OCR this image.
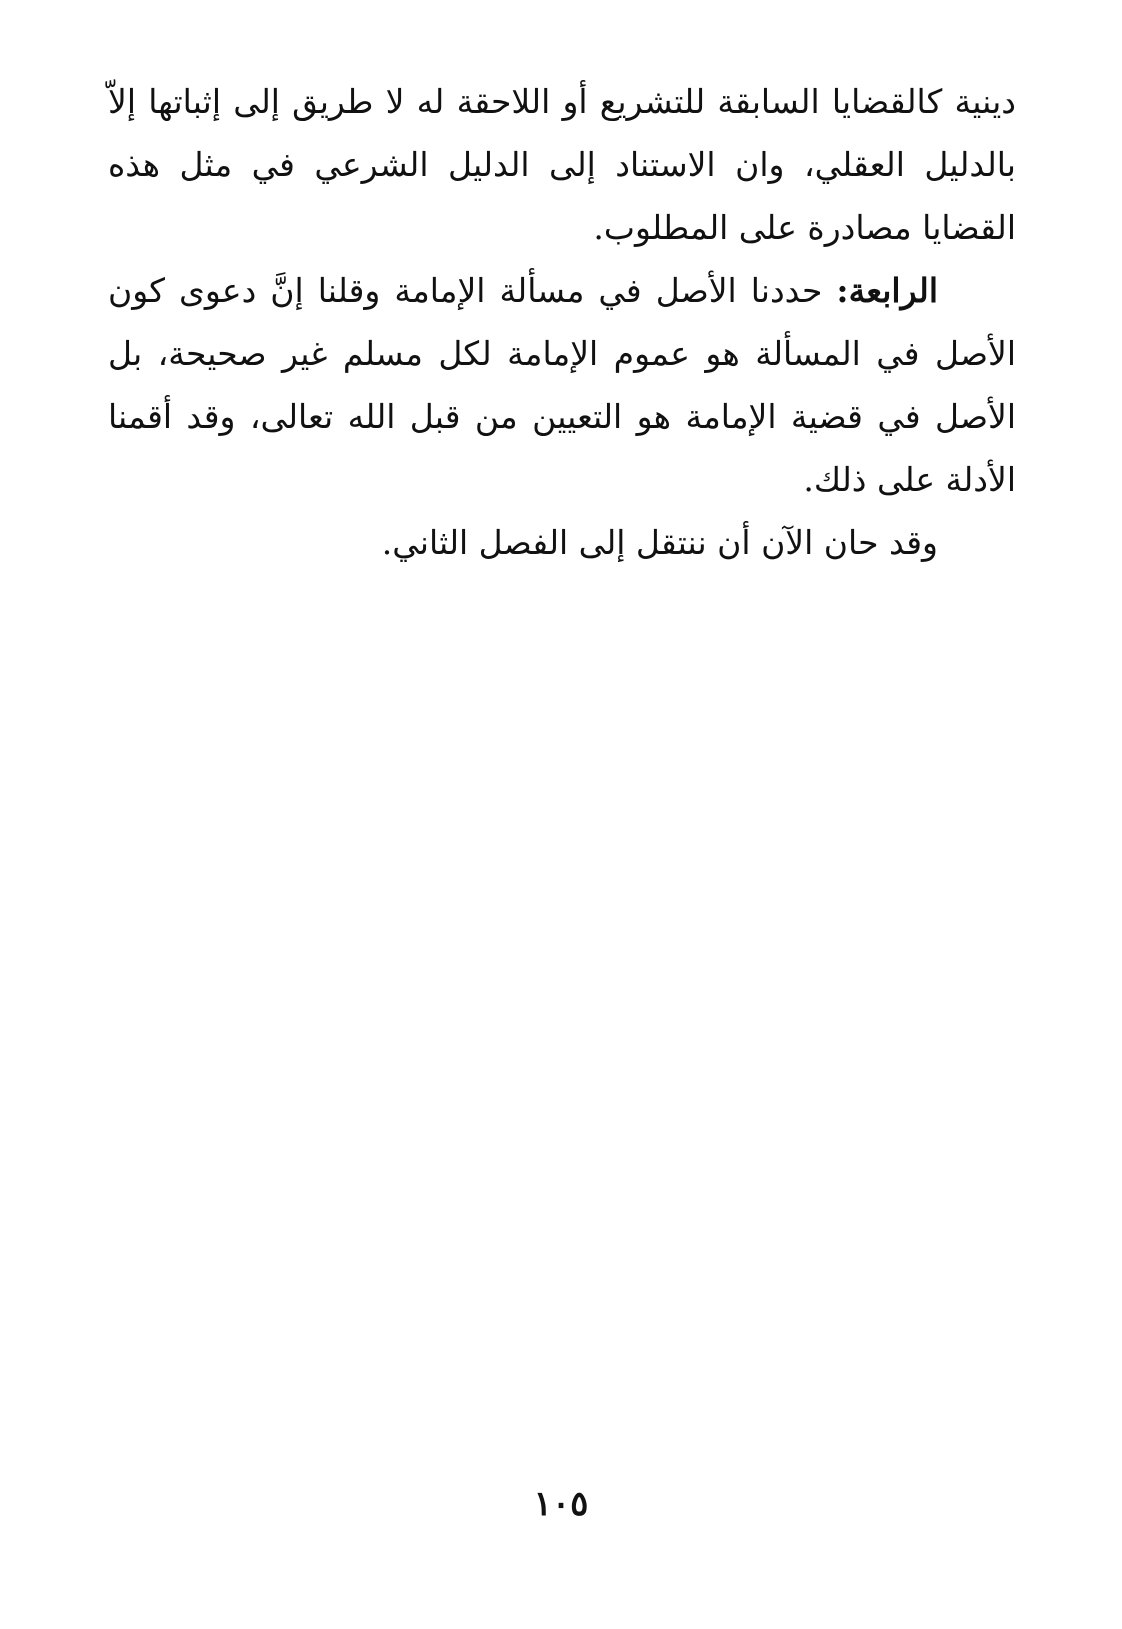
دينية كالقضايا السابقة للتشريع أو اللاحقة له لا طريق إلى إثباتها إلاّ بالدليل العقلي، وان الاستناد إلى الدليل الشرعي في مثل هذه القضايا مصادرة على المطلوب.

الرابعة: حددنا الأصل في مسألة الإمامة وقلنا إنَّ دعوى كون الأصل في المسألة هو عموم الإمامة لكل مسلم غير صحيحة، بل الأصل في قضية الإمامة هو التعيين من قبل الله تعالى، وقد أقمنا الأدلة على ذلك.

وقد حان الآن أن ننتقل إلى الفصل الثاني.

١٠٥
